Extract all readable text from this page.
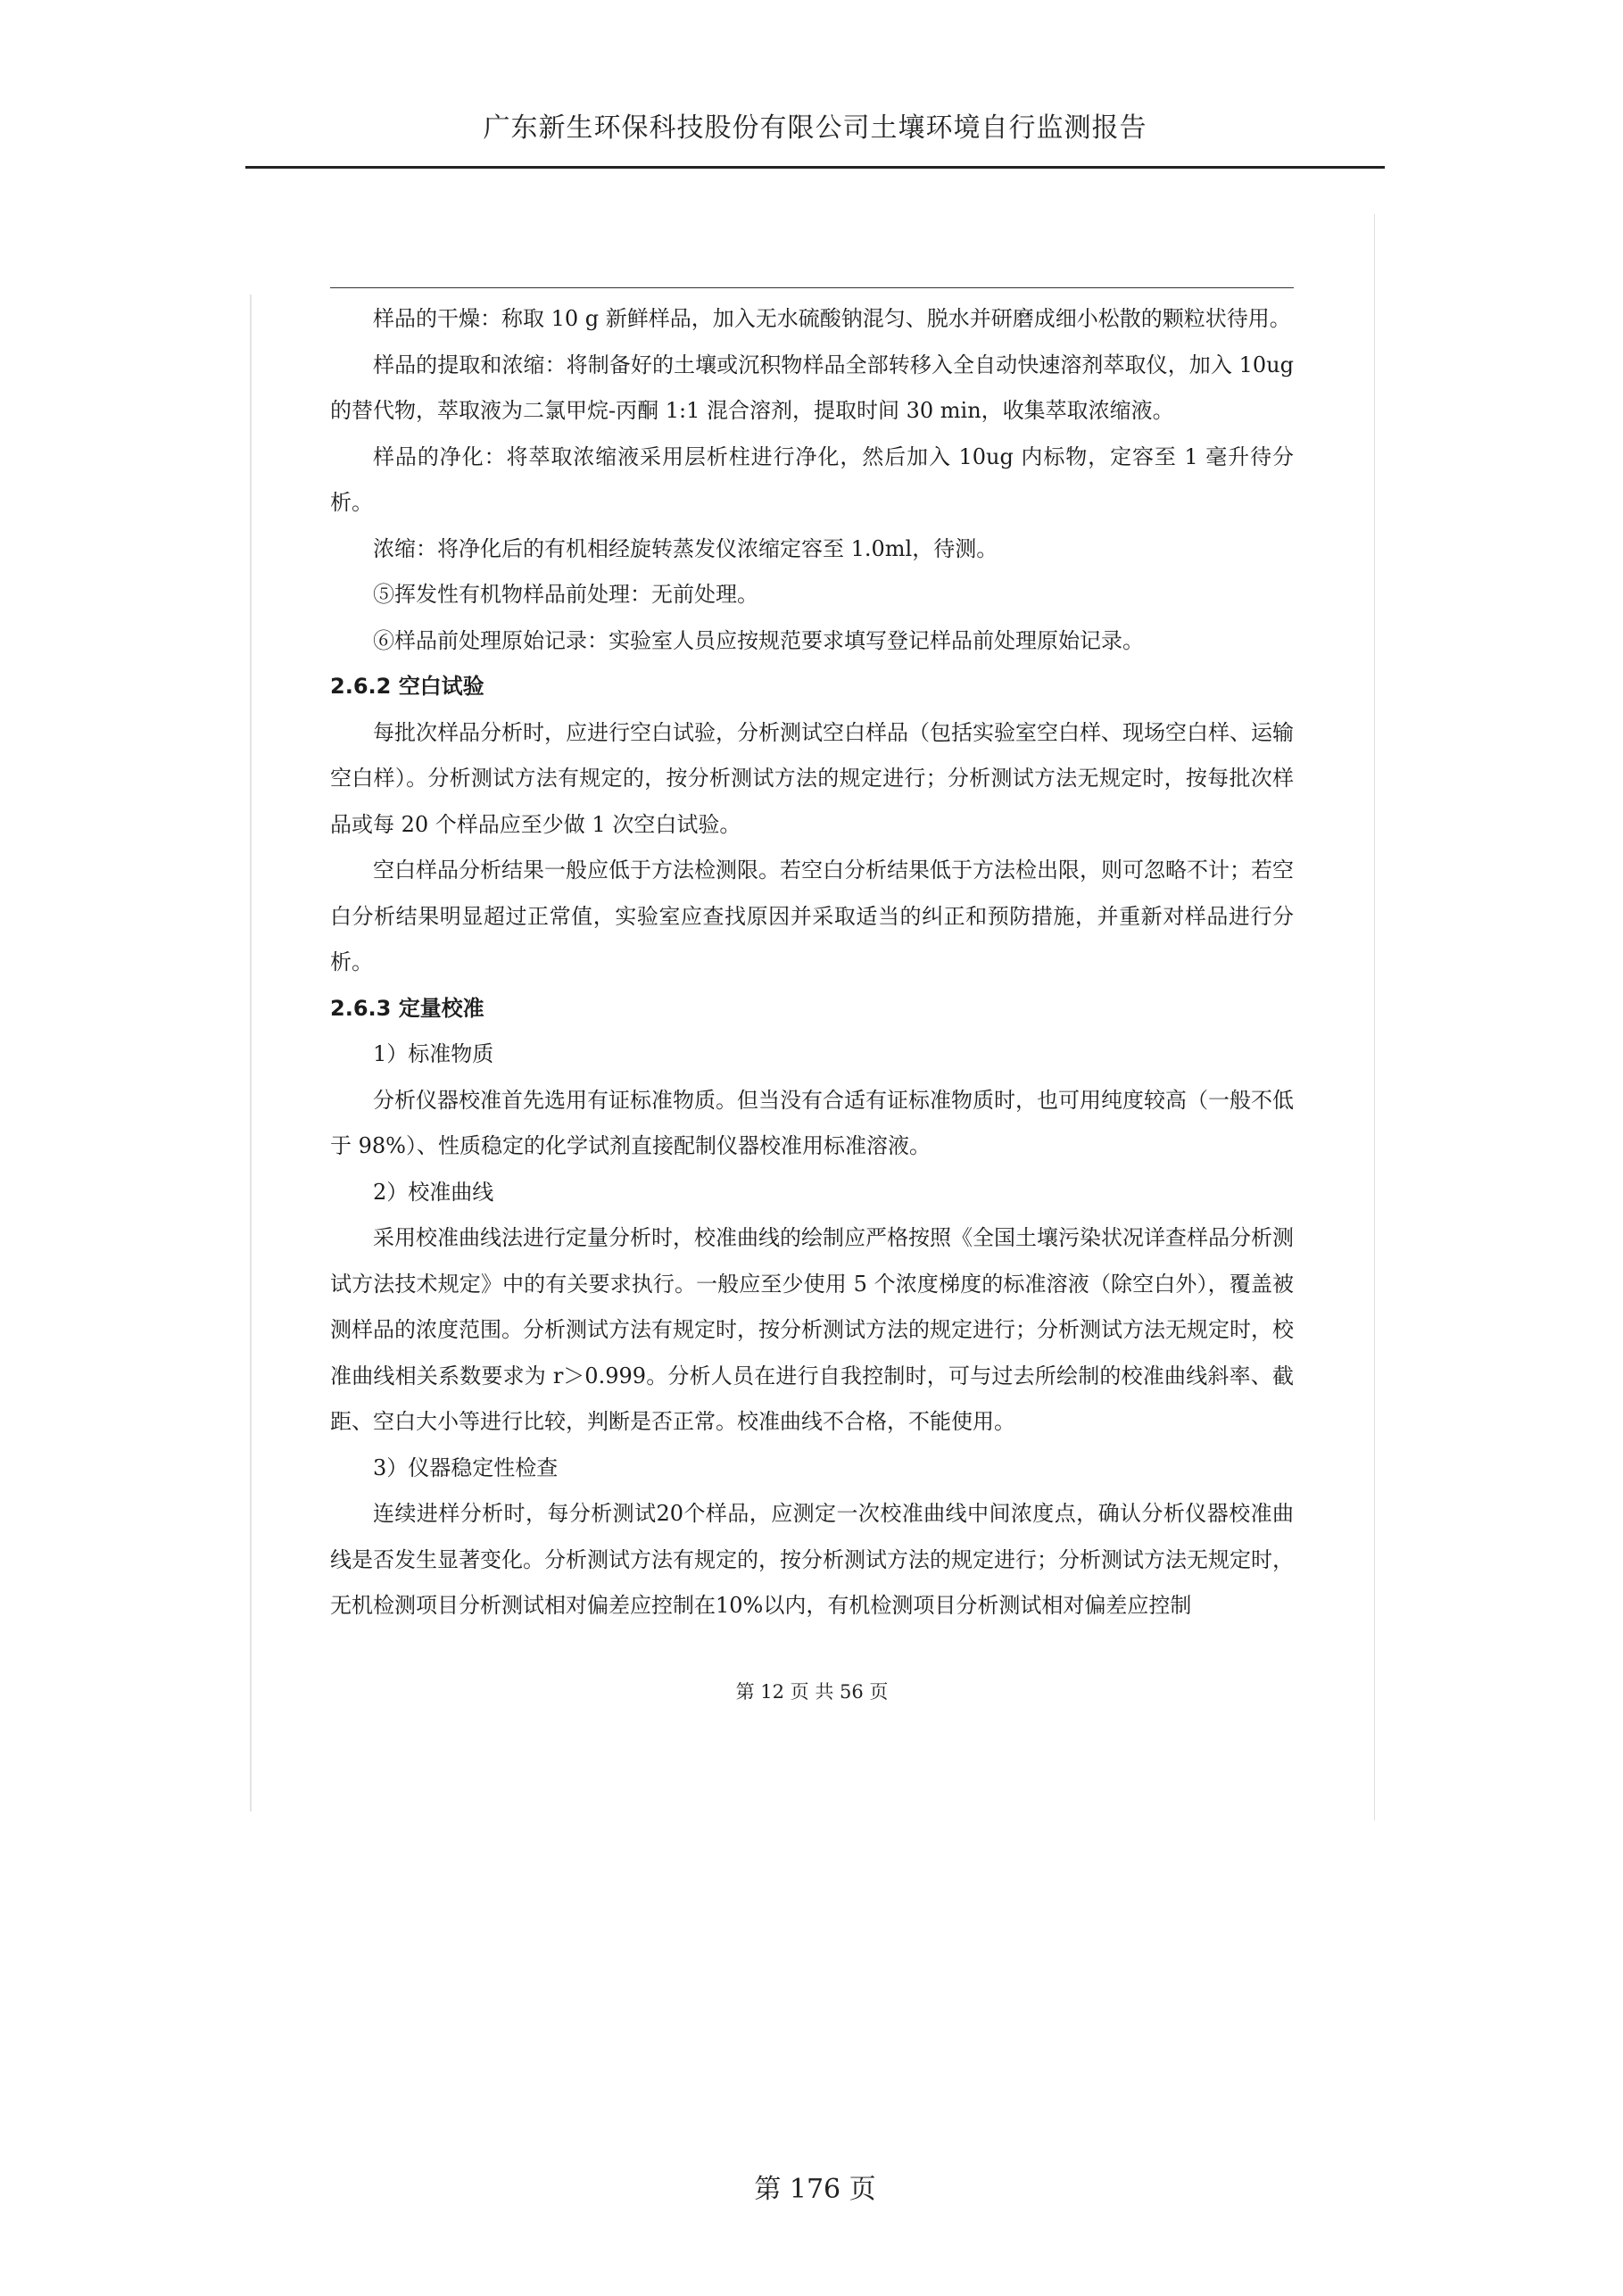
广东新生环保科技股份有限公司土壤环境自行监测报告

样品的干燥：称取 10 g 新鲜样品，加入无水硫酸钠混匀、脱水并研磨成细小松散的颗粒状待用。

样品的提取和浓缩：将制备好的土壤或沉积物样品全部转移入全自动快速溶剂萃取仪，加入 10ug 的替代物，萃取液为二氯甲烷-丙酮 1:1 混合溶剂，提取时间 30 min，收集萃取浓缩液。

样品的净化：将萃取浓缩液采用层析柱进行净化，然后加入 10ug 内标物，定容至 1 毫升待分析。

浓缩：将净化后的有机相经旋转蒸发仪浓缩定容至 1.0ml，待测。

⑤挥发性有机物样品前处理：无前处理。

⑥样品前处理原始记录：实验室人员应按规范要求填写登记样品前处理原始记录。

2.6.2 空白试验

每批次样品分析时，应进行空白试验，分析测试空白样品（包括实验室空白样、现场空白样、运输空白样）。分析测试方法有规定的，按分析测试方法的规定进行；分析测试方法无规定时，按每批次样品或每 20 个样品应至少做 1 次空白试验。

空白样品分析结果一般应低于方法检测限。若空白分析结果低于方法检出限，则可忽略不计；若空白分析结果明显超过正常值，实验室应查找原因并采取适当的纠正和预防措施，并重新对样品进行分析。

2.6.3 定量校准

1）标准物质

分析仪器校准首先选用有证标准物质。但当没有合适有证标准物质时，也可用纯度较高（一般不低于 98%）、性质稳定的化学试剂直接配制仪器校准用标准溶液。

2）校准曲线

采用校准曲线法进行定量分析时，校准曲线的绘制应严格按照《全国土壤污染状况详查样品分析测试方法技术规定》中的有关要求执行。一般应至少使用 5 个浓度梯度的标准溶液（除空白外），覆盖被测样品的浓度范围。分析测试方法有规定时，按分析测试方法的规定进行；分析测试方法无规定时，校准曲线相关系数要求为 r＞0.999。分析人员在进行自我控制时，可与过去所绘制的校准曲线斜率、截距、空白大小等进行比较，判断是否正常。校准曲线不合格，不能使用。

3）仪器稳定性检查

连续进样分析时，每分析测试20个样品，应测定一次校准曲线中间浓度点，确认分析仪器校准曲线是否发生显著变化。分析测试方法有规定的，按分析测试方法的规定进行；分析测试方法无规定时，无机检测项目分析测试相对偏差应控制在10%以内，有机检测项目分析测试相对偏差应控制

第 12 页 共 56 页
第 176 页
